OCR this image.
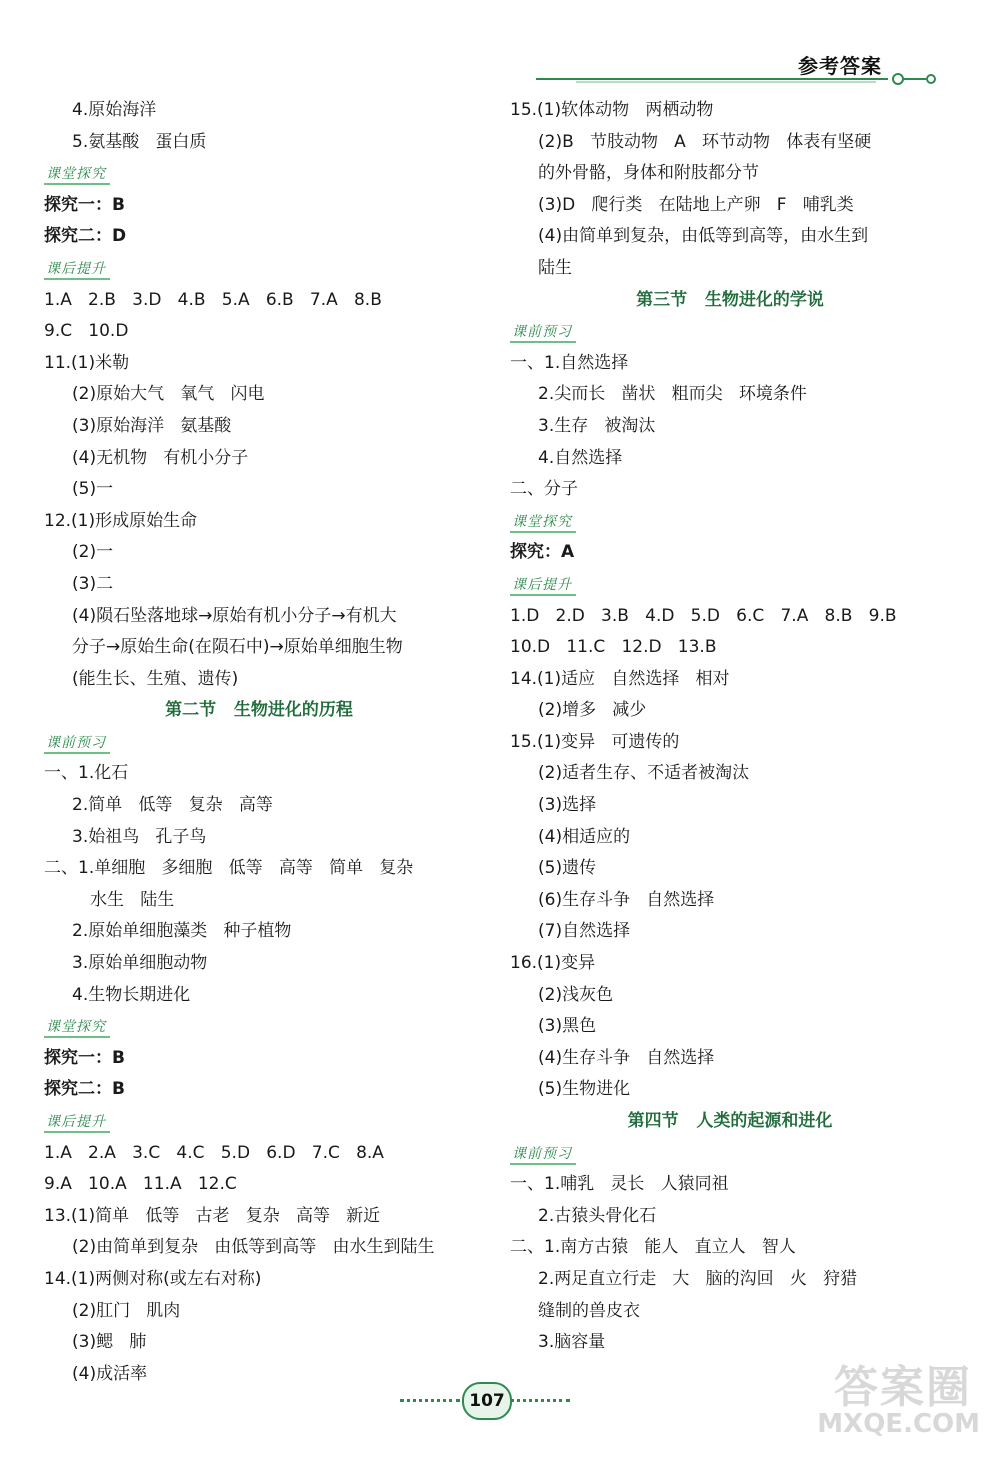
参考答案
4.原始海洋
5.氨基酸   蛋白质
课堂探究
探究一：B
探究二：D
课后提升
1.A   2.B   3.D   4.B   5.A   6.B   7.A   8.B
9.C   10.D
11.(1)米勒
(2)原始大气   氧气   闪电
(3)原始海洋   氨基酸
(4)无机物   有机小分子
(5)一
12.(1)形成原始生命
(2)一
(3)二
(4)陨石坠落地球→原始有机小分子→有机大
分子→原始生命(在陨石中)→原始单细胞生物
(能生长、生殖、遗传)
第二节   生物进化的历程
课前预习
一、1.化石
2.简单   低等   复杂   高等
3.始祖鸟   孔子鸟
二、1.单细胞   多细胞   低等   高等   简单   复杂
水生   陆生
2.原始单细胞藻类   种子植物
3.原始单细胞动物
4.生物长期进化
课堂探究
探究一：B
探究二：B
课后提升
1.A   2.A   3.C   4.C   5.D   6.D   7.C   8.A
9.A   10.A   11.A   12.C
13.(1)简单   低等   古老   复杂   高等   新近
(2)由简单到复杂   由低等到高等   由水生到陆生
14.(1)两侧对称(或左右对称)
(2)肛门   肌肉
(3)鳃   肺
(4)成活率
15.(1)软体动物   两栖动物
(2)B   节肢动物   A   环节动物   体表有坚硬
的外骨骼，身体和附肢都分节
(3)D   爬行类   在陆地上产卵   F   哺乳类
(4)由简单到复杂，由低等到高等，由水生到
陆生
第三节   生物进化的学说
课前预习
一、1.自然选择
2.尖而长   凿状   粗而尖   环境条件
3.生存   被淘汰
4.自然选择
二、分子
课堂探究
探究：A
课后提升
1.D   2.D   3.B   4.D   5.D   6.C   7.A   8.B   9.B
10.D   11.C   12.D   13.B
14.(1)适应   自然选择   相对
(2)增多   减少
15.(1)变异   可遗传的
(2)适者生存、不适者被淘汰
(3)选择
(4)相适应的
(5)遗传
(6)生存斗争   自然选择
(7)自然选择
16.(1)变异
(2)浅灰色
(3)黑色
(4)生存斗争   自然选择
(5)生物进化
第四节   人类的起源和进化
课前预习
一、1.哺乳   灵长   人猿同祖
2.古猿头骨化石
二、1.南方古猿   能人   直立人   智人
2.两足直立行走   大   脑的沟回   火   狩猎
缝制的兽皮衣
3.脑容量
107	答案圈
MXQE.COM
